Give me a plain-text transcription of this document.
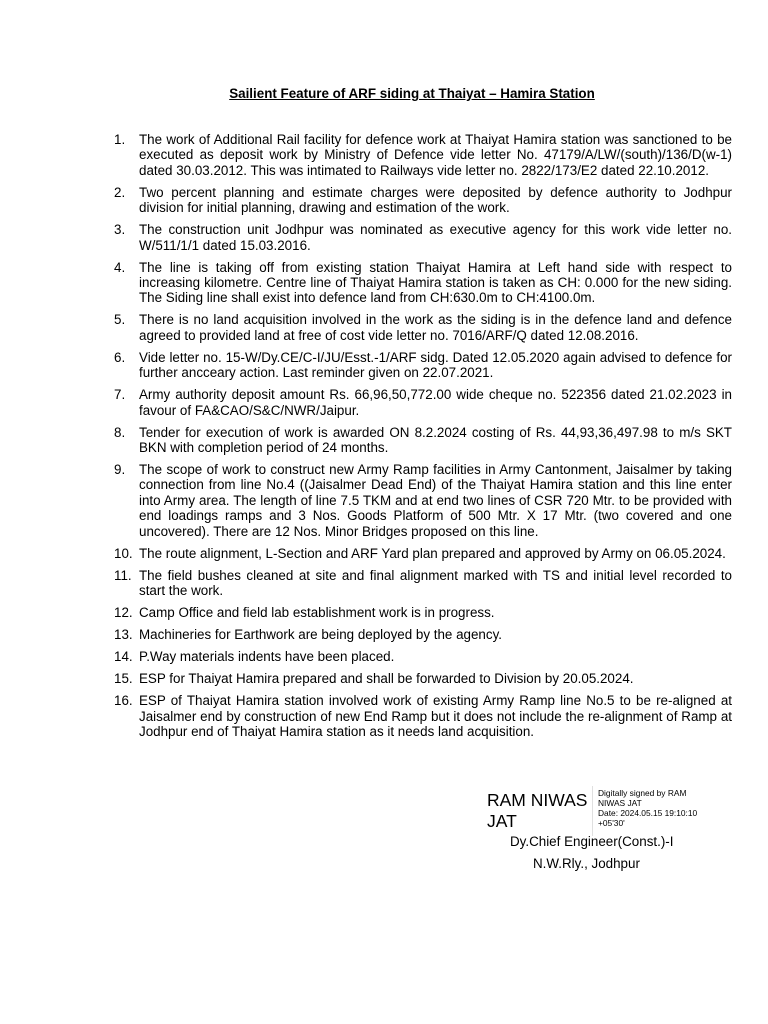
Sailient Feature of ARF siding at Thaiyat – Hamira Station
1. The work of Additional Rail facility for defence work at Thaiyat Hamira station was sanctioned to be executed as deposit work by Ministry of Defence vide letter No. 47179/A/LW/(south)/136/D(w-1) dated 30.03.2012. This was intimated to Railways vide letter no. 2822/173/E2 dated 22.10.2012.
2. Two percent planning and estimate charges were deposited by defence authority to Jodhpur division for initial planning, drawing and estimation of the work.
3. The construction unit Jodhpur was nominated as executive agency for this work vide letter no. W/511/1/1 dated 15.03.2016.
4. The line is taking off from existing station Thaiyat Hamira at Left hand side with respect to increasing kilometre. Centre line of Thaiyat Hamira station is taken as CH: 0.000 for the new siding. The Siding line shall exist into defence land from CH:630.0m to CH:4100.0m.
5. There is no land acquisition involved in the work as the siding is in the defence land and defence agreed to provided land at free of cost vide letter no. 7016/ARF/Q dated 12.08.2016.
6. Vide letter no. 15-W/Dy.CE/C-I/JU/Esst.-1/ARF sidg. Dated 12.05.2020 again advised to defence for further ancceary action. Last reminder given on 22.07.2021.
7. Army authority deposit amount Rs. 66,96,50,772.00 wide cheque no. 522356 dated 21.02.2023 in favour of FA&CAO/S&C/NWR/Jaipur.
8. Tender for execution of work is awarded ON 8.2.2024 costing of Rs. 44,93,36,497.98 to m/s SKT BKN with completion period of 24 months.
9. The scope of work to construct new Army Ramp facilities in Army Cantonment, Jaisalmer by taking connection from line No.4 ((Jaisalmer Dead End) of the Thaiyat Hamira station and this line enter into Army area. The length of line 7.5 TKM and at end two lines of CSR 720 Mtr. to be provided with end loadings ramps and 3 Nos. Goods Platform of 500 Mtr. X 17 Mtr. (two covered and one uncovered). There are 12 Nos. Minor Bridges proposed on this line.
10. The route alignment, L-Section and ARF Yard plan prepared and approved by Army on 06.05.2024.
11. The field bushes cleaned at site and final alignment marked with TS and initial level recorded to start the work.
12. Camp Office and field lab establishment work is in progress.
13. Machineries for Earthwork are being deployed by the agency.
14. P.Way materials indents have been placed.
15. ESP for Thaiyat Hamira prepared and shall be forwarded to Division by 20.05.2024.
16. ESP of Thaiyat Hamira station involved work of existing Army Ramp line No.5 to be re-aligned at Jaisalmer end by construction of new End Ramp but it does not include the re-alignment of Ramp at Jodhpur end of Thaiyat Hamira station as it needs land acquisition.
RAM NIWAS
JAT
Digitally signed by RAM
NIWAS JAT
Date: 2024.05.15 19:10:10
+05'30'
Dy.Chief Engineer(Const.)-I
N.W.Rly., Jodhpur
